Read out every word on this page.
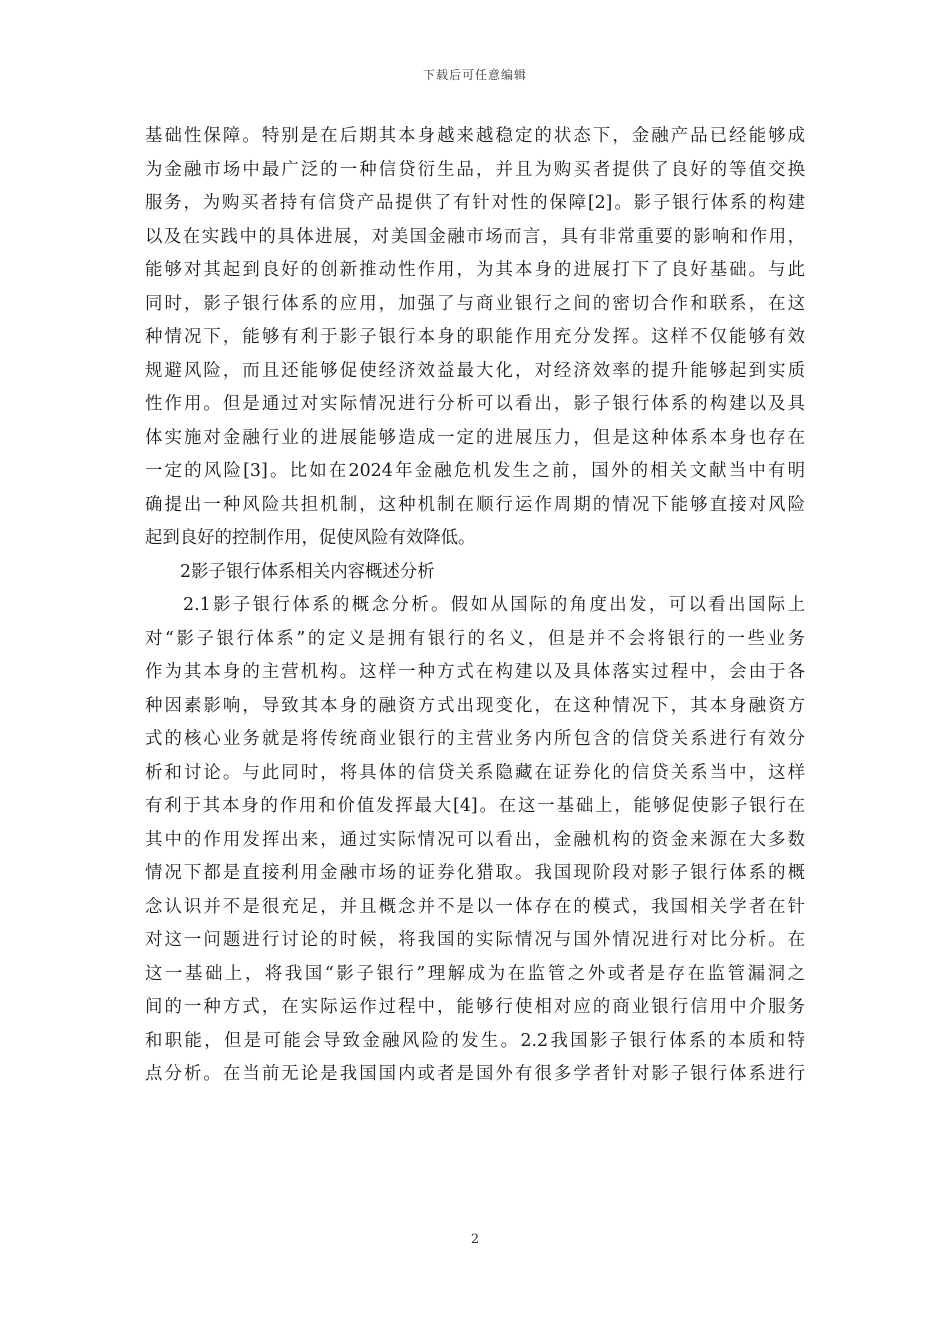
下载后可任意编辑
基础性保障。特别是在后期其本身越来越稳定的状态下，金融产品已经能够成
为金融市场中最广泛的一种信贷衍生品，并且为购买者提供了良好的等值交换
服务，为购买者持有信贷产品提供了有针对性的保障[2]。影子银行体系的构建
以及在实践中的具体进展，对美国金融市场而言，具有非常重要的影响和作用，
能够对其起到良好的创新推动性作用，为其本身的进展打下了良好基础。与此
同时，影子银行体系的应用，加强了与商业银行之间的密切合作和联系，在这
种情况下，能够有利于影子银行本身的职能作用充分发挥。这样不仅能够有效
规避风险，而且还能够促使经济效益最大化，对经济效率的提升能够起到实质
性作用。但是通过对实际情况进行分析可以看出，影子银行体系的构建以及具
体实施对金融行业的进展能够造成一定的进展压力，但是这种体系本身也存在
一定的风险[3]。比如在2024年金融危机发生之前，国外的相关文献当中有明
确提出一种风险共担机制，这种机制在顺行运作周期的情况下能够直接对风险
起到良好的控制作用，促使风险有效降低。
2影子银行体系相关内容概述分析
2.1影子银行体系的概念分析。假如从国际的角度出发，可以看出国际上
对“影子银行体系”的定义是拥有银行的名义，但是并不会将银行的一些业务
作为其本身的主营机构。这样一种方式在构建以及具体落实过程中，会由于各
种因素影响，导致其本身的融资方式出现变化，在这种情况下，其本身融资方
式的核心业务就是将传统商业银行的主营业务内所包含的信贷关系进行有效分
析和讨论。与此同时，将具体的信贷关系隐藏在证券化的信贷关系当中，这样
有利于其本身的作用和价值发挥最大[4]。在这一基础上，能够促使影子银行在
其中的作用发挥出来，通过实际情况可以看出，金融机构的资金来源在大多数
情况下都是直接利用金融市场的证券化猎取。我国现阶段对影子银行体系的概
念认识并不是很充足，并且概念并不是以一体存在的模式，我国相关学者在针
对这一问题进行讨论的时候，将我国的实际情况与国外情况进行对比分析。在
这一基础上，将我国“影子银行”理解成为在监管之外或者是存在监管漏洞之
间的一种方式，在实际运作过程中，能够行使相对应的商业银行信用中介服务
和职能，但是可能会导致金融风险的发生。2.2我国影子银行体系的本质和特
点分析。在当前无论是我国国内或者是国外有很多学者针对影子银行体系进行
2
